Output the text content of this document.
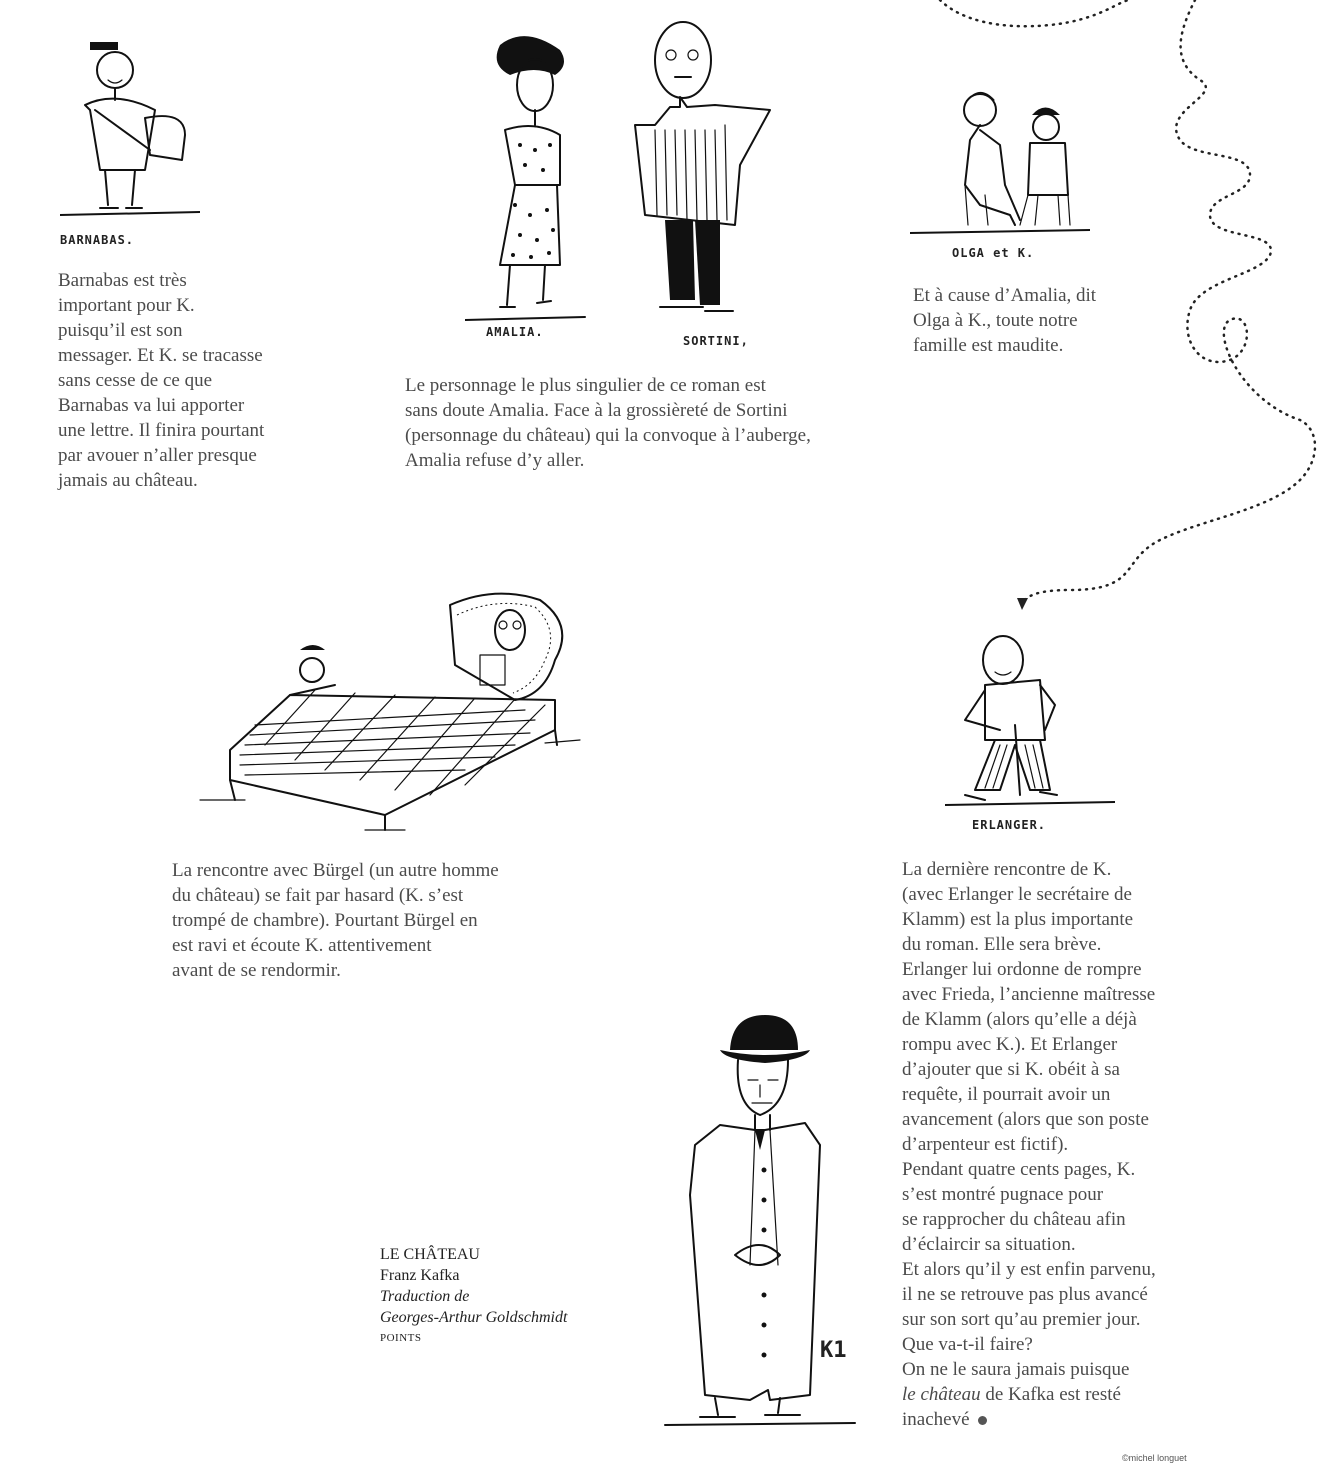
BARNABAS.

Barnabas est très

important pour K.

puisqu’il est son

messager. Et K. se tracasse

sans cesse de ce que

Barnabas va lui apporter

une lettre. Il finira pourtant

par avouer n’aller presque

jamais au château.

AMALIA.
SORTINI,

Le personnage le plus singulier de ce roman est

sans doute Amalia. Face à la grossièreté de Sortini

(personnage du château) qui la convoque à l’auberge,

Amalia refuse d’y aller.

OLGA et K.

Et à cause d’Amalia, dit

Olga à K., toute notre

famille est maudite.

La rencontre avec Bürgel (un autre homme

du château) se fait par hasard (K. s’est

trompé de chambre). Pourtant Bürgel en

est ravi et écoute K. attentivement

avant de se rendormir.

ERLANGER.

La dernière rencontre de K.

(avec Erlanger le secrétaire de

Klamm) est la plus importante

du roman. Elle sera brève.

Erlanger lui ordonne de rompre

avec Frieda, l’ancienne maîtresse

de Klamm (alors qu’elle a déjà

rompu avec K.). Et Erlanger

d’ajouter que si K. obéit à sa

requête, il pourrait avoir un

avancement (alors que son poste

d’arpenteur est fictif).

Pendant quatre cents pages, K.

s’est montré pugnace pour

se rapprocher du château afin

d’éclaircir sa situation.

Et alors qu’il y est enfin parvenu,

il ne se retrouve pas plus avancé

sur son sort qu’au premier jour.

Que va-t-il faire?

On ne le saura jamais puisque

le château de Kafka est resté

inachevé

K1
LE CHÂTEAU
Franz Kafka
Traduction de
Georges-Arthur Goldschmidt
POINTS
©michel longuet
